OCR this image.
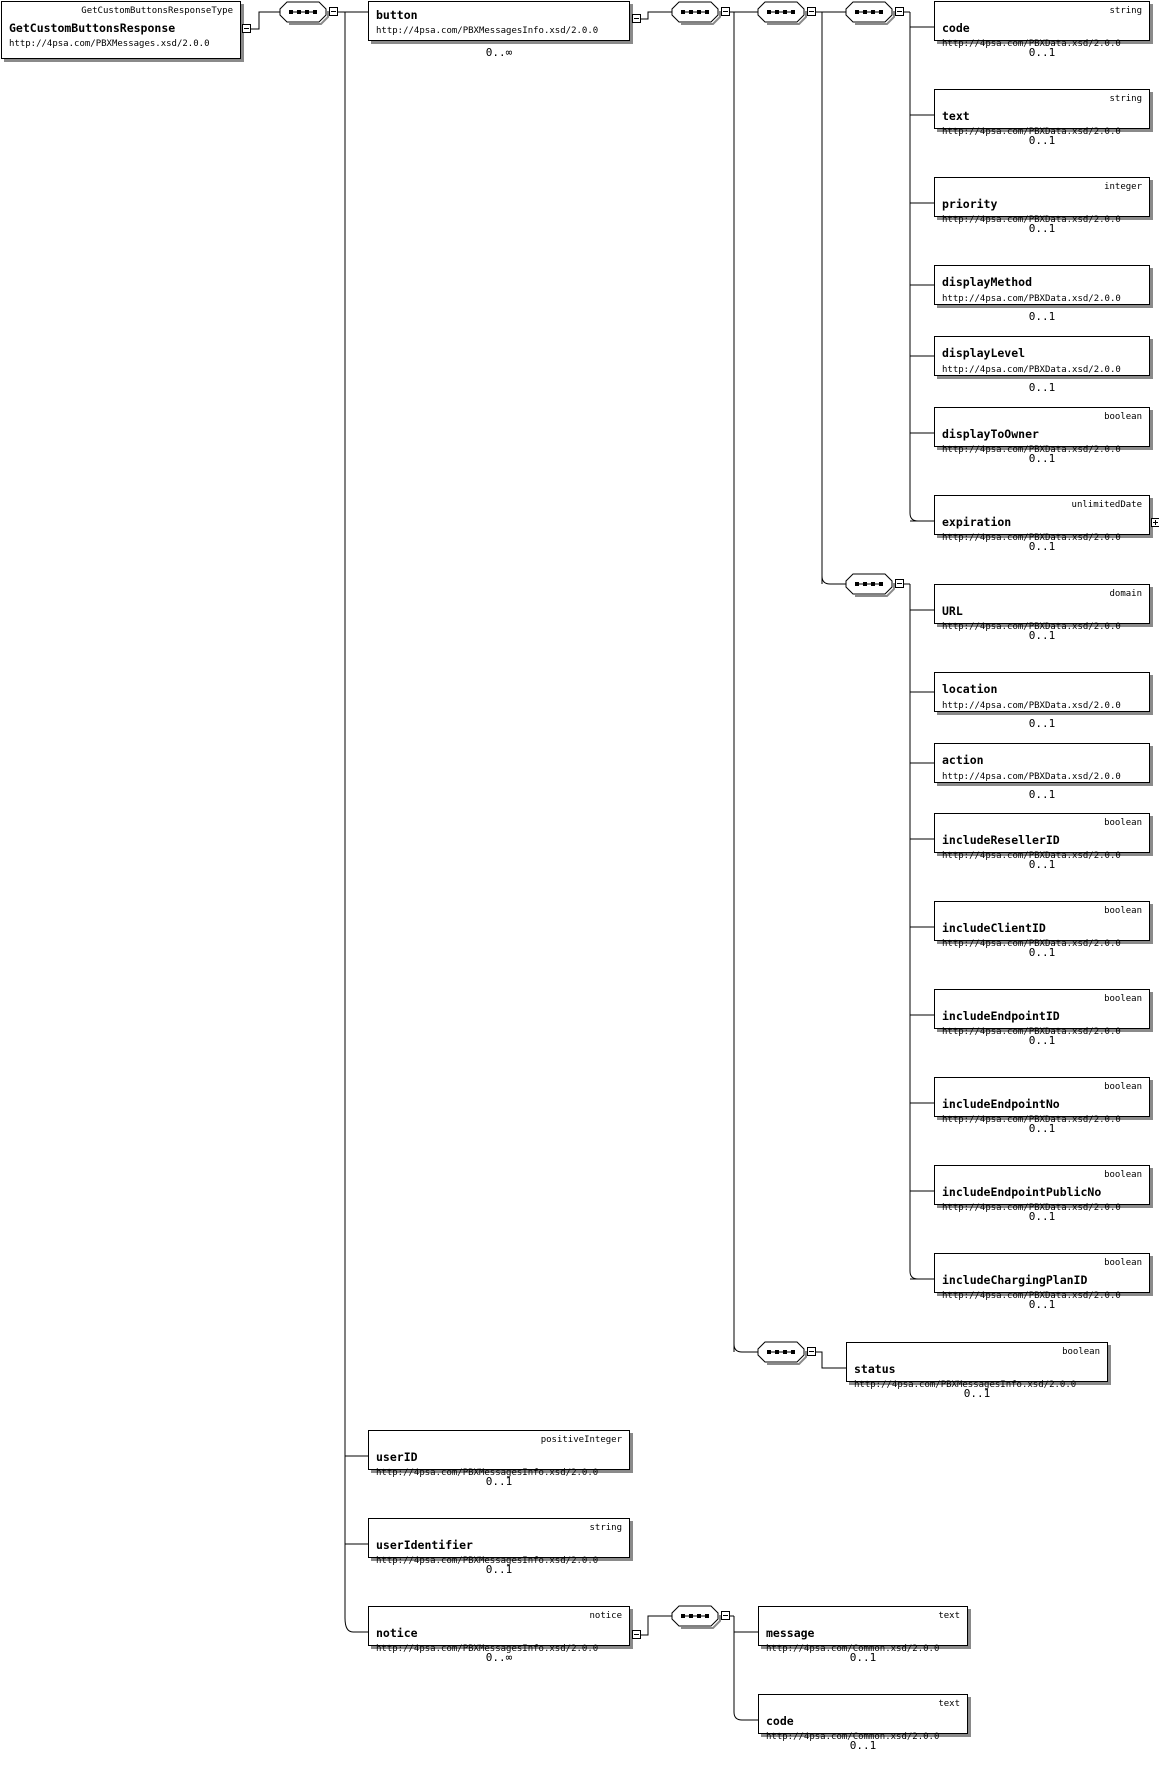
GetCustomButtonsResponseType
GetCustomButtonsResponse
http://4psa.com/PBXMessages.xsd/2.0.0
button
http://4psa.com/PBXMessagesInfo.xsd/2.0.0
0..∞
string
code
http://4psa.com/PBXData.xsd/2.0.0
0..1
string
text
http://4psa.com/PBXData.xsd/2.0.0
0..1
integer
priority
http://4psa.com/PBXData.xsd/2.0.0
0..1
displayMethod
http://4psa.com/PBXData.xsd/2.0.0
0..1
displayLevel
http://4psa.com/PBXData.xsd/2.0.0
0..1
boolean
displayToOwner
http://4psa.com/PBXData.xsd/2.0.0
0..1
unlimitedDate
expiration
http://4psa.com/PBXData.xsd/2.0.0
0..1
domain
URL
http://4psa.com/PBXData.xsd/2.0.0
0..1
location
http://4psa.com/PBXData.xsd/2.0.0
0..1
action
http://4psa.com/PBXData.xsd/2.0.0
0..1
boolean
includeResellerID
http://4psa.com/PBXData.xsd/2.0.0
0..1
boolean
includeClientID
http://4psa.com/PBXData.xsd/2.0.0
0..1
boolean
includeEndpointID
http://4psa.com/PBXData.xsd/2.0.0
0..1
boolean
includeEndpointNo
http://4psa.com/PBXData.xsd/2.0.0
0..1
boolean
includeEndpointPublicNo
http://4psa.com/PBXData.xsd/2.0.0
0..1
boolean
includeChargingPlanID
http://4psa.com/PBXData.xsd/2.0.0
0..1
boolean
status
http://4psa.com/PBXMessagesInfo.xsd/2.0.0
0..1
positiveInteger
userID
http://4psa.com/PBXMessagesInfo.xsd/2.0.0
0..1
string
userIdentifier
http://4psa.com/PBXMessagesInfo.xsd/2.0.0
0..1
notice
notice
http://4psa.com/PBXMessagesInfo.xsd/2.0.0
0..∞
text
message
http://4psa.com/Common.xsd/2.0.0
0..1
text
code
http://4psa.com/Common.xsd/2.0.0
0..1
